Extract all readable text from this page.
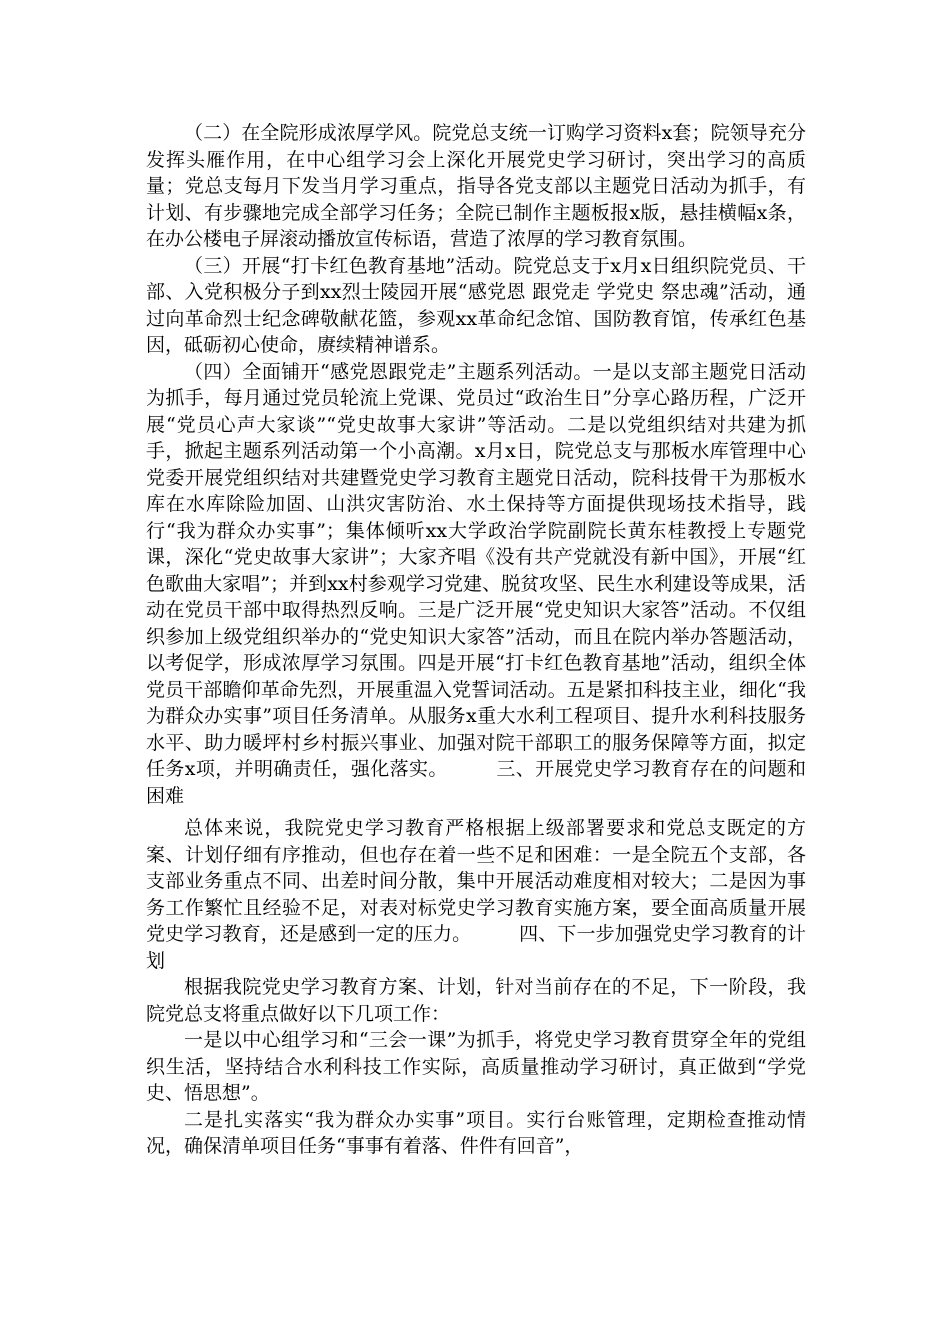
（二）在全院形成浓厚学风。院党总支统一订购学习资料x套；院领导充分发挥头雁作用，在中心组学习会上深化开展党史学习研讨，突出学习的高质量；党总支每月下发当月学习重点，指导各党支部以主题党日活动为抓手，有计划、有步骤地完成全部学习任务；全院已制作主题板报x版，悬挂横幅x条，在办公楼电子屏滚动播放宣传标语，营造了浓厚的学习教育氛围。

（三）开展“打卡红色教育基地”活动。院党总支于x月x日组织院党员、干部、入党积极分子到xx烈士陵园开展“感党恩 跟党走 学党史 祭忠魂”活动，通过向革命烈士纪念碑敬献花篮，参观xx革命纪念馆、国防教育馆，传承红色基因，砥砺初心使命，赓续精神谱系。

（四）全面铺开“感党恩跟党走”主题系列活动。一是以支部主题党日活动为抓手，每月通过党员轮流上党课、党员过“政治生日”分享心路历程，广泛开展“党员心声大家谈”“党史故事大家讲”等活动。二是以党组织结对共建为抓手，掀起主题系列活动第一个小高潮。x月x日，院党总支与那板水库管理中心党委开展党组织结对共建暨党史学习教育主题党日活动，院科技骨干为那板水库在水库除险加固、山洪灾害防治、水土保持等方面提供现场技术指导，践行“我为群众办实事”；集体倾听xx大学政治学院副院长黄东桂教授上专题党课，深化“党史故事大家讲”；大家齐唱《没有共产党就没有新中国》，开展“红色歌曲大家唱”；并到xx村参观学习党建、脱贫攻坚、民生水利建设等成果，活动在党员干部中取得热烈反响。三是广泛开展“党史知识大家答”活动。不仅组织参加上级党组织举办的“党史知识大家答”活动，而且在院内举办答题活动，以考促学，形成浓厚学习氛围。四是开展“打卡红色教育基地”活动，组织全体党员干部瞻仰革命先烈，开展重温入党誓词活动。五是紧扣科技主业，细化“我为群众办实事”项目任务清单。从服务x重大水利工程项目、提升水利科技服务水平、助力暖坪村乡村振兴事业、加强对院干部职工的服务保障等方面，拟定任务x项，并明确责任，强化落实。　　　三、开展党史学习教育存在的问题和困难

总体来说，我院党史学习教育严格根据上级部署要求和党总支既定的方案、计划仔细有序推动，但也存在着一些不足和困难：一是全院五个支部，各支部业务重点不同、出差时间分散，集中开展活动难度相对较大；二是因为事务工作繁忙且经验不足，对表对标党史学习教育实施方案，要全面高质量开展党史学习教育，还是感到一定的压力。　　　四、下一步加强党史学习教育的计划

根据我院党史学习教育方案、计划，针对当前存在的不足，下一阶段，我院党总支将重点做好以下几项工作：

一是以中心组学习和“三会一课”为抓手，将党史学习教育贯穿全年的党组织生活，坚持结合水利科技工作实际，高质量推动学习研讨，真正做到“学党史、悟思想”。

二是扎实落实“我为群众办实事”项目。实行台账管理，定期检查推动情况，确保清单项目任务“事事有着落、件件有回音”，
